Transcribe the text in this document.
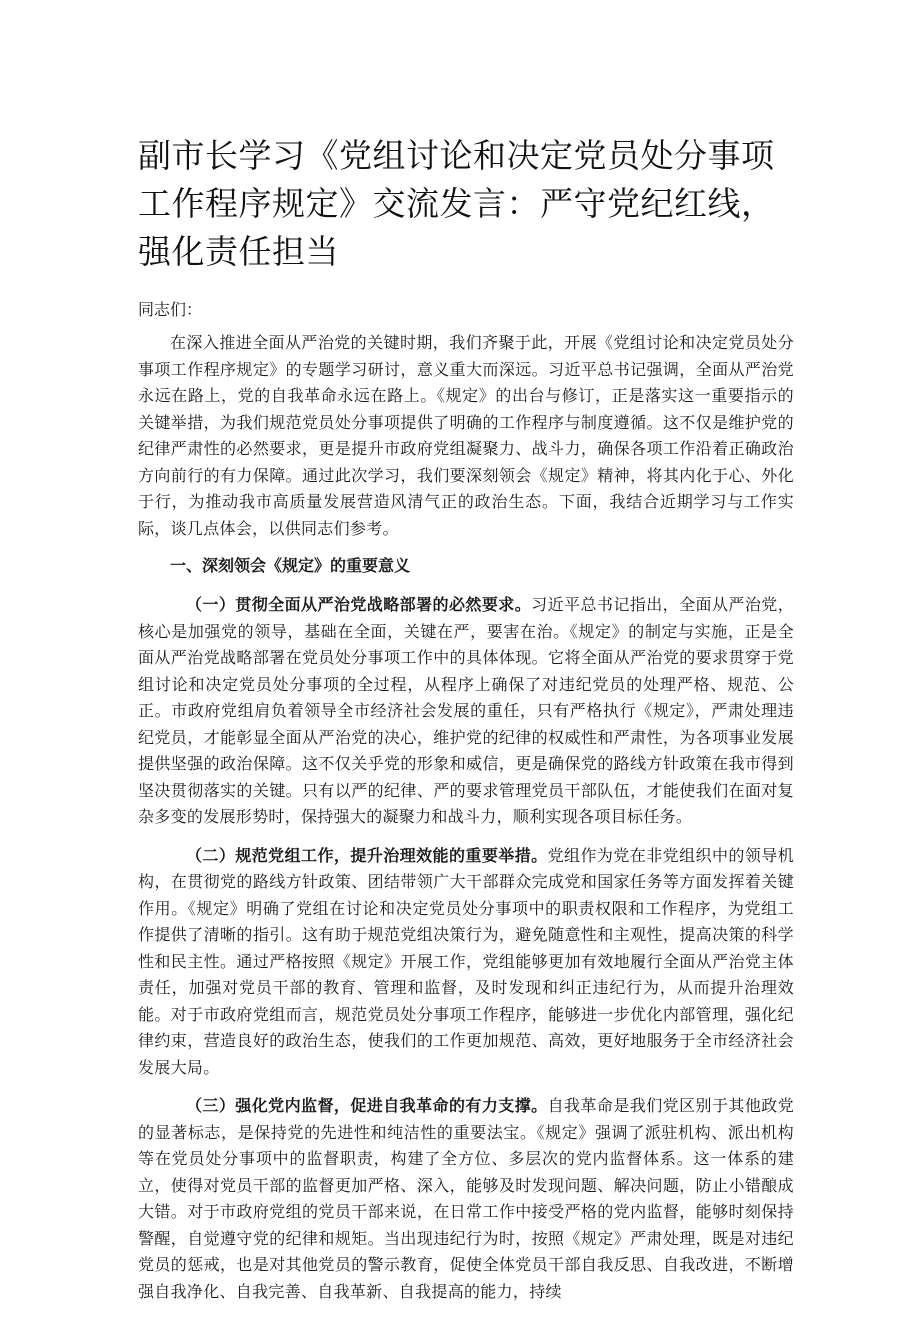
副市长学习《党组讨论和决定党员处分事项工作程序规定》交流发言：严守党纪红线，强化责任担当

同志们：

在深入推进全面从严治党的关键时期，我们齐聚于此，开展《党组讨论和决定党员处分事项工作程序规定》的专题学习研讨，意义重大而深远。习近平总书记强调，全面从严治党永远在路上，党的自我革命永远在路上。《规定》的出台与修订，正是落实这一重要指示的关键举措，为我们规范党员处分事项提供了明确的工作程序与制度遵循。这不仅是维护党的纪律严肃性的必然要求，更是提升市政府党组凝聚力、战斗力，确保各项工作沿着正确政治方向前行的有力保障。通过此次学习，我们要深刻领会《规定》精神，将其内化于心、外化于行，为推动我市高质量发展营造风清气正的政治生态。下面，我结合近期学习与工作实际，谈几点体会，以供同志们参考。

一、深刻领会《规定》的重要意义

（一）贯彻全面从严治党战略部署的必然要求。习近平总书记指出，全面从严治党，核心是加强党的领导，基础在全面，关键在严，要害在治。《规定》的制定与实施，正是全面从严治党战略部署在党员处分事项工作中的具体体现。它将全面从严治党的要求贯穿于党组讨论和决定党员处分事项的全过程，从程序上确保了对违纪党员的处理严格、规范、公正。市政府党组肩负着领导全市经济社会发展的重任，只有严格执行《规定》，严肃处理违纪党员，才能彰显全面从严治党的决心，维护党的纪律的权威性和严肃性，为各项事业发展提供坚强的政治保障。这不仅关乎党的形象和威信，更是确保党的路线方针政策在我市得到坚决贯彻落实的关键。只有以严的纪律、严的要求管理党员干部队伍，才能使我们在面对复杂多变的发展形势时，保持强大的凝聚力和战斗力，顺利实现各项目标任务。

（二）规范党组工作，提升治理效能的重要举措。党组作为党在非党组织中的领导机构，在贯彻党的路线方针政策、团结带领广大干部群众完成党和国家任务等方面发挥着关键作用。《规定》明确了党组在讨论和决定党员处分事项中的职责权限和工作程序，为党组工作提供了清晰的指引。这有助于规范党组决策行为，避免随意性和主观性，提高决策的科学性和民主性。通过严格按照《规定》开展工作，党组能够更加有效地履行全面从严治党主体责任，加强对党员干部的教育、管理和监督，及时发现和纠正违纪行为，从而提升治理效能。对于市政府党组而言，规范党员处分事项工作程序，能够进一步优化内部管理，强化纪律约束，营造良好的政治生态，使我们的工作更加规范、高效，更好地服务于全市经济社会发展大局。

（三）强化党内监督，促进自我革命的有力支撑。自我革命是我们党区别于其他政党的显著标志，是保持党的先进性和纯洁性的重要法宝。《规定》强调了派驻机构、派出机构等在党员处分事项中的监督职责，构建了全方位、多层次的党内监督体系。这一体系的建立，使得对党员干部的监督更加严格、深入，能够及时发现问题、解决问题，防止小错酿成大错。对于市政府党组的党员干部来说，在日常工作中接受严格的党内监督，能够时刻保持警醒，自觉遵守党的纪律和规矩。当出现违纪行为时，按照《规定》严肃处理，既是对违纪党员的惩戒，也是对其他党员的警示教育，促使全体党员干部自我反思、自我改进，不断增强自我净化、自我完善、自我革新、自我提高的能力，持续
